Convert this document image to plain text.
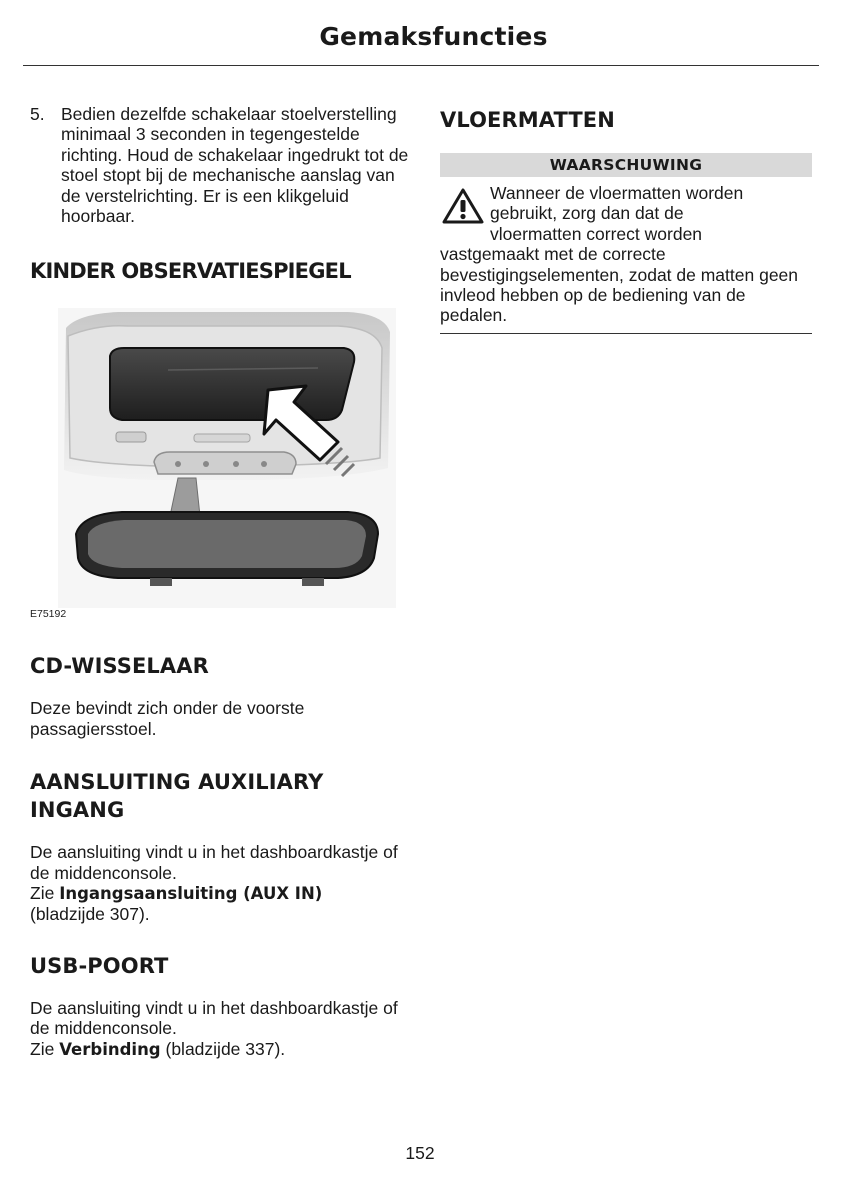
Gemaksfuncties
5. Bedien dezelfde schakelaar stoelverstelling minimaal 3 seconden in tegengestelde richting. Houd de schakelaar ingedrukt tot de stoel stopt bij de mechanische aanslag van de verstelrichting. Er is een klikgeluid hoorbaar.

KINDER OBSERVATIESPIEGEL

E75192

CD-WISSELAAR

Deze bevindt zich onder de voorste passagiersstoel.

AANSLUITING AUXILIARY
INGANG

De aansluiting vindt u in het dashboardkastje of de middenconsole.
Zie Ingangsaansluiting (AUX IN)
(bladzijde 307).

USB-POORT

De aansluiting vindt u in het dashboardkastje of de middenconsole.
Zie Verbinding (bladzijde 337).

VLOERMATTEN
WAARSCHUWING

Wanneer de vloermatten worden

gebruikt, zorg dan dat de

vloermatten correct worden

vastgemaakt met de correcte bevestigingselementen, zodat de matten geen invleod hebben op de bediening van de pedalen.

152
